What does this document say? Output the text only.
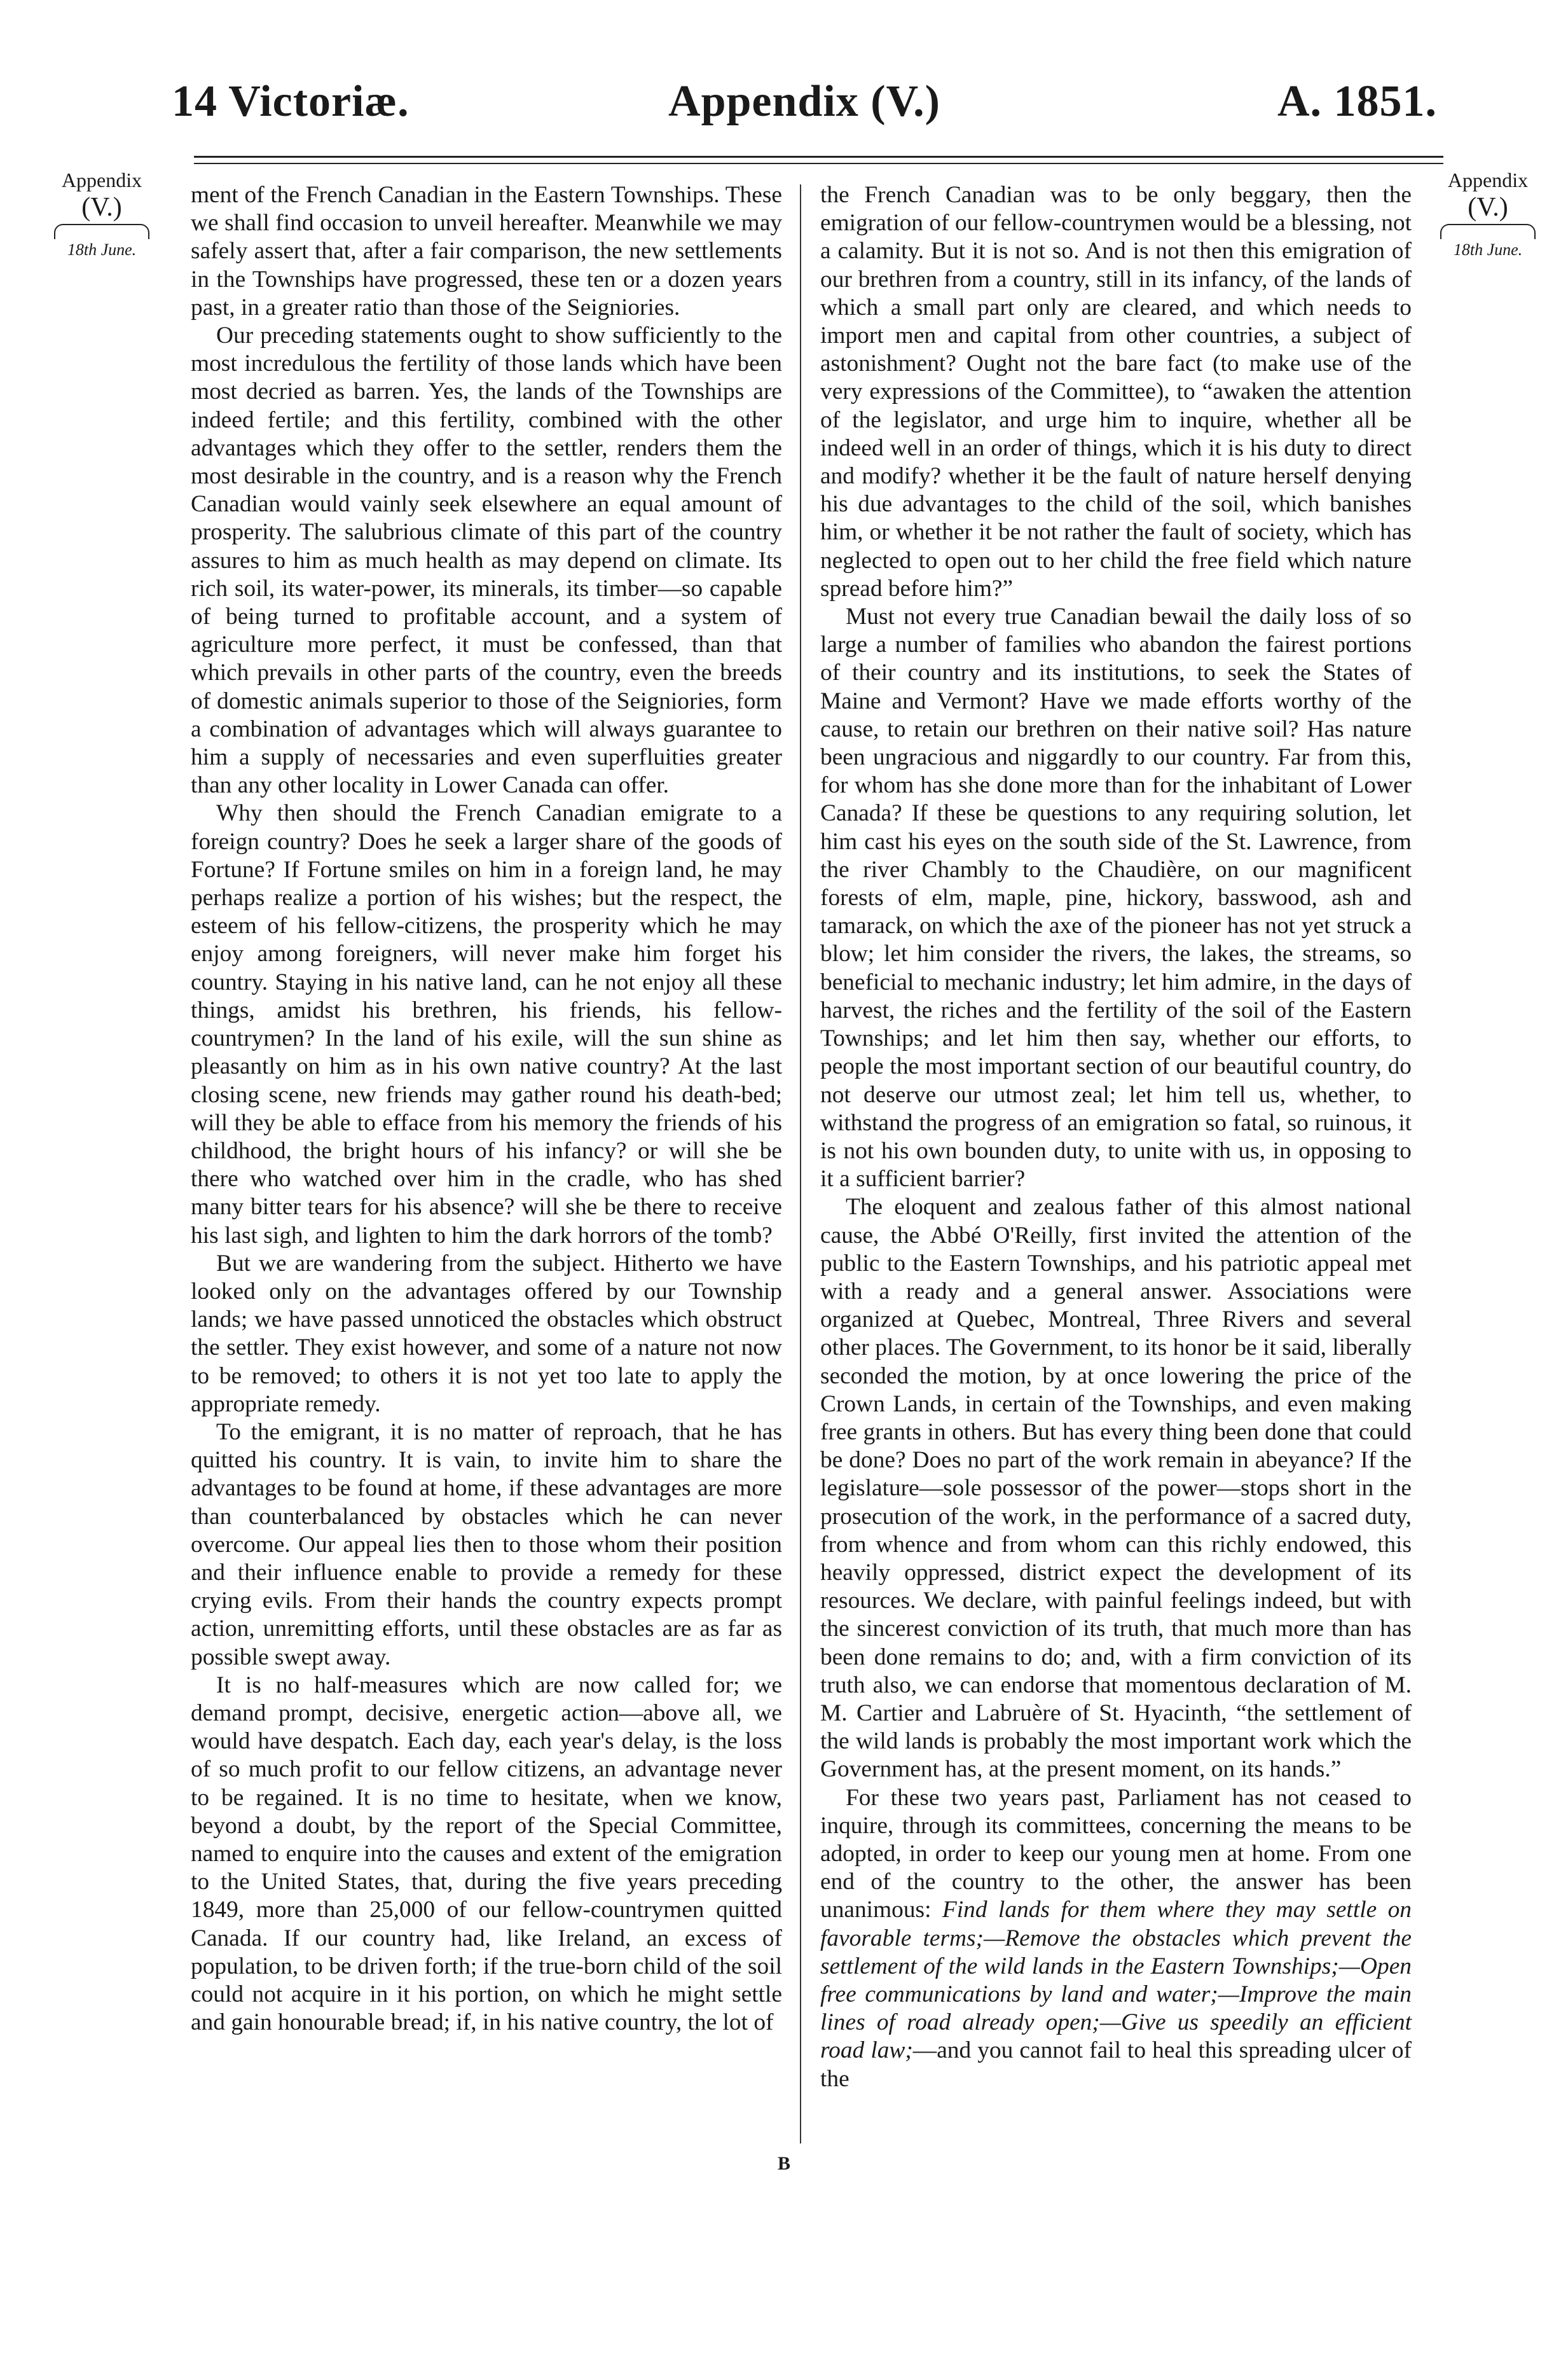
14 Victoriæ.	Appendix (V.)	A. 1851.
Appendix
(V.)
18th June.
Appendix
(V.)
18th June.

ment of the French Canadian in the Eastern Townships. These we shall find occasion to unveil hereafter. Meanwhile we may safely assert that, after a fair comparison, the new settlements in the Townships have progressed, these ten or a dozen years past, in a greater ratio than those of the Seigniories.

Our preceding statements ought to show sufficiently to the most incredulous the fertility of those lands which have been most decried as barren. Yes, the lands of the Townships are indeed fertile; and this fertility, combined with the other advantages which they offer to the settler, renders them the most desirable in the country, and is a reason why the French Canadian would vainly seek elsewhere an equal amount of prosperity. The salubrious climate of this part of the country assures to him as much health as may depend on climate. Its rich soil, its water-power, its minerals, its timber—so capable of being turned to profitable account, and a system of agriculture more perfect, it must be confessed, than that which prevails in other parts of the country, even the breeds of domestic animals superior to those of the Seigniories, form a combination of advantages which will always guarantee to him a supply of necessaries and even superfluities greater than any other locality in Lower Canada can offer.

Why then should the French Canadian emigrate to a foreign country? Does he seek a larger share of the goods of Fortune? If Fortune smiles on him in a foreign land, he may perhaps realize a portion of his wishes; but the respect, the esteem of his fellow-citizens, the prosperity which he may enjoy among foreigners, will never make him forget his country. Staying in his native land, can he not enjoy all these things, amidst his brethren, his friends, his fellow-countrymen? In the land of his exile, will the sun shine as pleasantly on him as in his own native country? At the last closing scene, new friends may gather round his death-bed; will they be able to efface from his memory the friends of his childhood, the bright hours of his infancy? or will she be there who watched over him in the cradle, who has shed many bitter tears for his absence? will she be there to receive his last sigh, and lighten to him the dark horrors of the tomb?

But we are wandering from the subject. Hitherto we have looked only on the advantages offered by our Township lands; we have passed unnoticed the obstacles which obstruct the settler. They exist however, and some of a nature not now to be removed; to others it is not yet too late to apply the appropriate remedy.

To the emigrant, it is no matter of reproach, that he has quitted his country. It is vain, to invite him to share the advantages to be found at home, if these advantages are more than counterbalanced by obstacles which he can never overcome. Our appeal lies then to those whom their position and their influence enable to provide a remedy for these crying evils. From their hands the country expects prompt action, unremitting efforts, until these obstacles are as far as possible swept away.

It is no half-measures which are now called for; we demand prompt, decisive, energetic action—above all, we would have despatch. Each day, each year's delay, is the loss of so much profit to our fellow citizens, an advantage never to be regained. It is no time to hesitate, when we know, beyond a doubt, by the report of the Special Committee, named to enquire into the causes and extent of the emigration to the United States, that, during the five years preceding 1849, more than 25,000 of our fellow-countrymen quitted Canada. If our country had, like Ireland, an excess of population, to be driven forth; if the true-born child of the soil could not acquire in it his portion, on which he might settle and gain honourable bread; if, in his native country, the lot of

the French Canadian was to be only beggary, then the emigration of our fellow-countrymen would be a blessing, not a calamity. But it is not so. And is not then this emigration of our brethren from a country, still in its infancy, of the lands of which a small part only are cleared, and which needs to import men and capital from other countries, a subject of astonishment? Ought not the bare fact (to make use of the very expressions of the Committee), to “awaken the attention of the legislator, and urge him to inquire, whether all be indeed well in an order of things, which it is his duty to direct and modify? whether it be the fault of nature herself denying his due advantages to the child of the soil, which banishes him, or whether it be not rather the fault of society, which has neglected to open out to her child the free field which nature spread before him?”

Must not every true Canadian bewail the daily loss of so large a number of families who abandon the fairest portions of their country and its institutions, to seek the States of Maine and Vermont? Have we made efforts worthy of the cause, to retain our brethren on their native soil? Has nature been ungracious and niggardly to our country. Far from this, for whom has she done more than for the inhabitant of Lower Canada? If these be questions to any requiring solution, let him cast his eyes on the south side of the St. Lawrence, from the river Chambly to the Chaudière, on our magnificent forests of elm, maple, pine, hickory, basswood, ash and tamarack, on which the axe of the pioneer has not yet struck a blow; let him consider the rivers, the lakes, the streams, so beneficial to mechanic industry; let him admire, in the days of harvest, the riches and the fertility of the soil of the Eastern Townships; and let him then say, whether our efforts, to people the most important section of our beautiful country, do not deserve our utmost zeal; let him tell us, whether, to withstand the progress of an emigration so fatal, so ruinous, it is not his own bounden duty, to unite with us, in opposing to it a sufficient barrier?

The eloquent and zealous father of this almost national cause, the Abbé O'Reilly, first invited the attention of the public to the Eastern Townships, and his patriotic appeal met with a ready and a general answer. Associations were organized at Quebec, Montreal, Three Rivers and several other places. The Government, to its honor be it said, liberally seconded the motion, by at once lowering the price of the Crown Lands, in certain of the Townships, and even making free grants in others. But has every thing been done that could be done? Does no part of the work remain in abeyance? If the legislature—sole possessor of the power—stops short in the prosecution of the work, in the performance of a sacred duty, from whence and from whom can this richly endowed, this heavily oppressed, district expect the development of its resources. We declare, with painful feelings indeed, but with the sincerest conviction of its truth, that much more than has been done remains to do; and, with a firm conviction of its truth also, we can endorse that momentous declaration of M. M. Cartier and Labruère of St. Hyacinth, “the settlement of the wild lands is probably the most important work which the Government has, at the present moment, on its hands.”

For these two years past, Parliament has not ceased to inquire, through its committees, concerning the means to be adopted, in order to keep our young men at home. From one end of the country to the other, the answer has been unanimous: Find lands for them where they may settle on favorable terms;—Remove the obstacles which prevent the settlement of the wild lands in the Eastern Townships;—Open free communications by land and water;—Improve the main lines of road already open;—Give us speedily an efficient road law;—and you cannot fail to heal this spreading ulcer of the

B
